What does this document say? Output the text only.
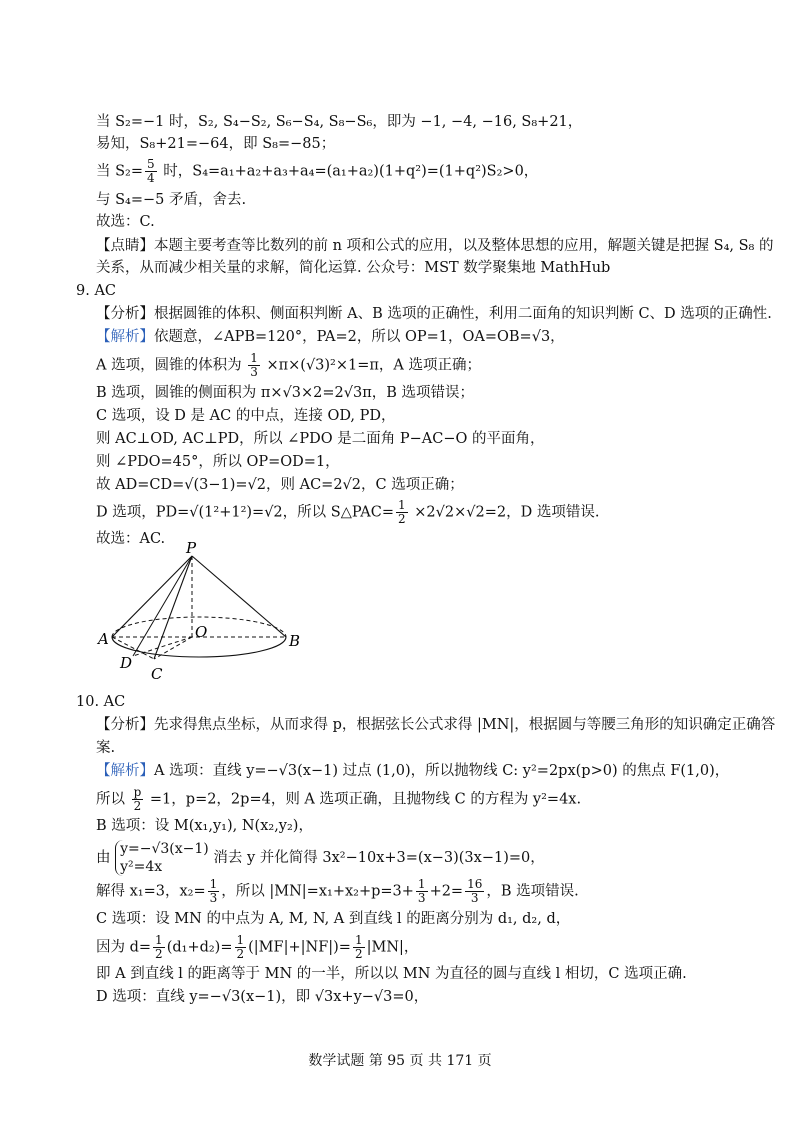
当 S₂=−1 时，S₂, S₄−S₂, S₆−S₄, S₈−S₆，即为 −1, −4, −16, S₈+21，
易知，S₈+21=−64，即 S₈=−85；
当 $S_2= \frac{5}{4}$ 时，S₄=a₁+a₂+a₃+a₄=(a₁+a₂)(1+q²)=(1+q²)S₂>0，
与 S₄=−5 矛盾，舍去.
故选：C.
【点睛】本题主要考查等比数列的前 n 项和公式的应用，以及整体思想的应用，解题关键是把握 S₄, S₈ 的
关系，从而减少相关量的求解，简化运算. 公众号：MST 数学聚集地 MathHub
9. AC
【分析】根据圆锥的体积、侧面积判断 A、B 选项的正确性，利用二面角的知识判断 C、D 选项的正确性.
【解析】依题意，∠APB=120°，PA=2，所以 OP=1，OA=OB=√3，
A 选项，圆锥的体积为 $\frac{1}{3} \times\pi\times(√3)^2\times 1=\pi$，A 选项正确；
B 选项，圆锥的侧面积为 π×√3×2=2√3π，B 选项错误；
C 选项，设 D 是 AC 的中点，连接 OD, PD，
则 AC⊥OD, AC⊥PD，所以 ∠PDO 是二面角 P−AC−O 的平面角，
则 ∠PDO=45°，所以 OP=OD=1，
故 AD=CD=√(3−1)=√2，则 AC=2√2，C 选项正确；
D 选项，PD=√(1²+1²)=√2，所以 S△PAC= $\frac{1}{2} \times 2√2\times√2=2$，D 选项错误.
故选：AC. P
A	B
O
D
C
10. AC
【分析】先求得焦点坐标，从而求得 p，根据弦长公式求得 |MN|，根据圆与等腰三角形的知识确定正确答
案.
【解析】A 选项：直线 y=−√3(x−1) 过点 (1,0)，所以抛物线 C: y²=2px(p>0) 的焦点 F(1,0)，
所以 $\frac{p}{2} =1$，p=2，2p=4，则 A 选项正确，且抛物线 C 的方程为 y²=4x.
B 选项：设 M(x₁,y₁), N(x₂,y₂)，
由
y=−√3(x−1)
y²=4x
消去 y 并化简得 3x²−10x+3=(x−3)(3x−1)=0，
解得 x₁=3，$x_2= \frac{1}{3}$ ，所以 $|MN|=x_1+x_2+p=3+ \frac{1}{3} +2= \frac{16}{3}$ ，B 选项错误.
C 选项：设 MN 的中点为 A, M, N, A 到直线 l 的距离分别为 d₁, d₂, d，
因为 $d= \frac{1}{2} (d_1+d_2)= \frac{1}{2} (|MF|+|NF|)= \frac{1}{2} |MN|$，
即 A 到直线 l 的距离等于 MN 的一半，所以以 MN 为直径的圆与直线 l 相切，C 选项正确.
D 选项：直线 y=−√3(x−1)，即 √3x+y−√3=0，
数学试题 第 95 页 共 171 页
